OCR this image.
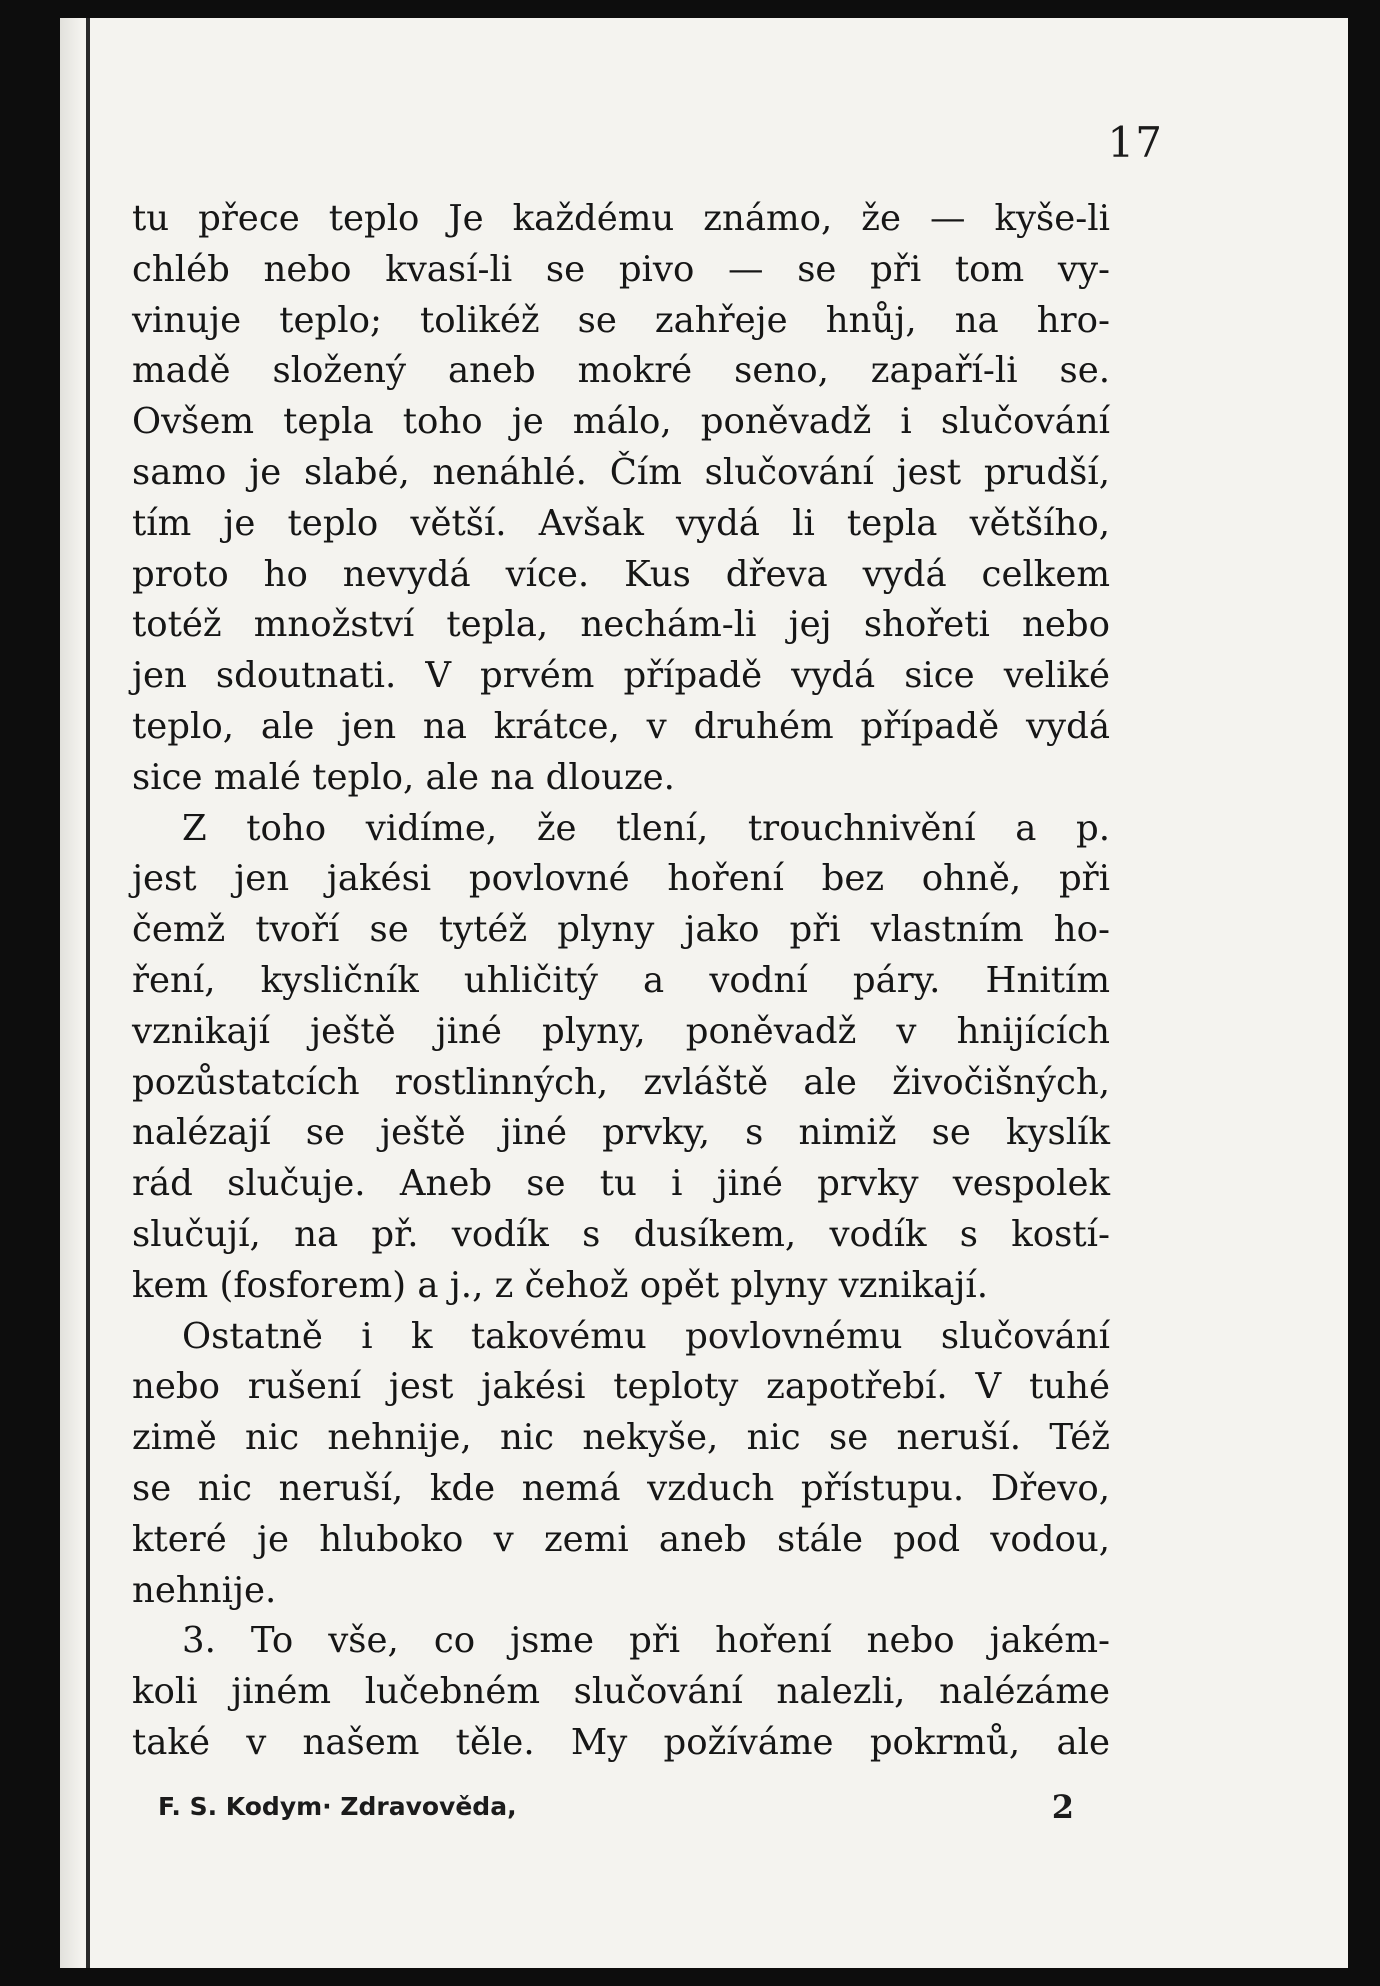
17
tu přece teplo Je každému známo, že — kyše-li
chléb nebo kvasí-li se pivo — se při tom vy-
vinuje teplo; tolikéž se zahřeje hnůj, na hro-
madě složený aneb mokré seno, zapaří-li se.
Ovšem tepla toho je málo, poněvadž i slučování
samo je slabé, nenáhlé. Čím slučování jest prudší,
tím je teplo větší. Avšak vydá li tepla většího,
proto ho nevydá více. Kus dřeva vydá celkem
totéž množství tepla, nechám-li jej shořeti nebo
jen sdoutnati. V prvém případě vydá sice veliké
teplo, ale jen na krátce, v druhém případě vydá
sice malé teplo, ale na dlouze.
Z toho vidíme, že tlení, trouchnivění a p.
jest jen jakési povlovné hoření bez ohně, při
čemž tvoří se tytéž plyny jako při vlastním ho-
ření, kysličník uhličitý a vodní páry. Hnitím
vznikají ještě jiné plyny, poněvadž v hnijících
pozůstatcích rostlinných, zvláště ale živočišných,
nalézají se ještě jiné prvky, s nimiž se kyslík
rád slučuje. Aneb se tu i jiné prvky vespolek
slučují, na př. vodík s dusíkem, vodík s kostí-
kem (fosforem) a j., z čehož opět plyny vznikají.
Ostatně i k takovému povlovnému slučování
nebo rušení jest jakési teploty zapotřebí. V tuhé
zimě nic nehnije, nic nekyše, nic se neruší. Též
se nic neruší, kde nemá vzduch přístupu. Dřevo,
které je hluboko v zemi aneb stále pod vodou,
nehnije.
3. To vše, co jsme při hoření nebo jakém-
koli jiném lučebném slučování nalezli, nalézáme
také v našem těle. My požíváme pokrmů, ale
F. S. Kodym· Zdravověda,	2
